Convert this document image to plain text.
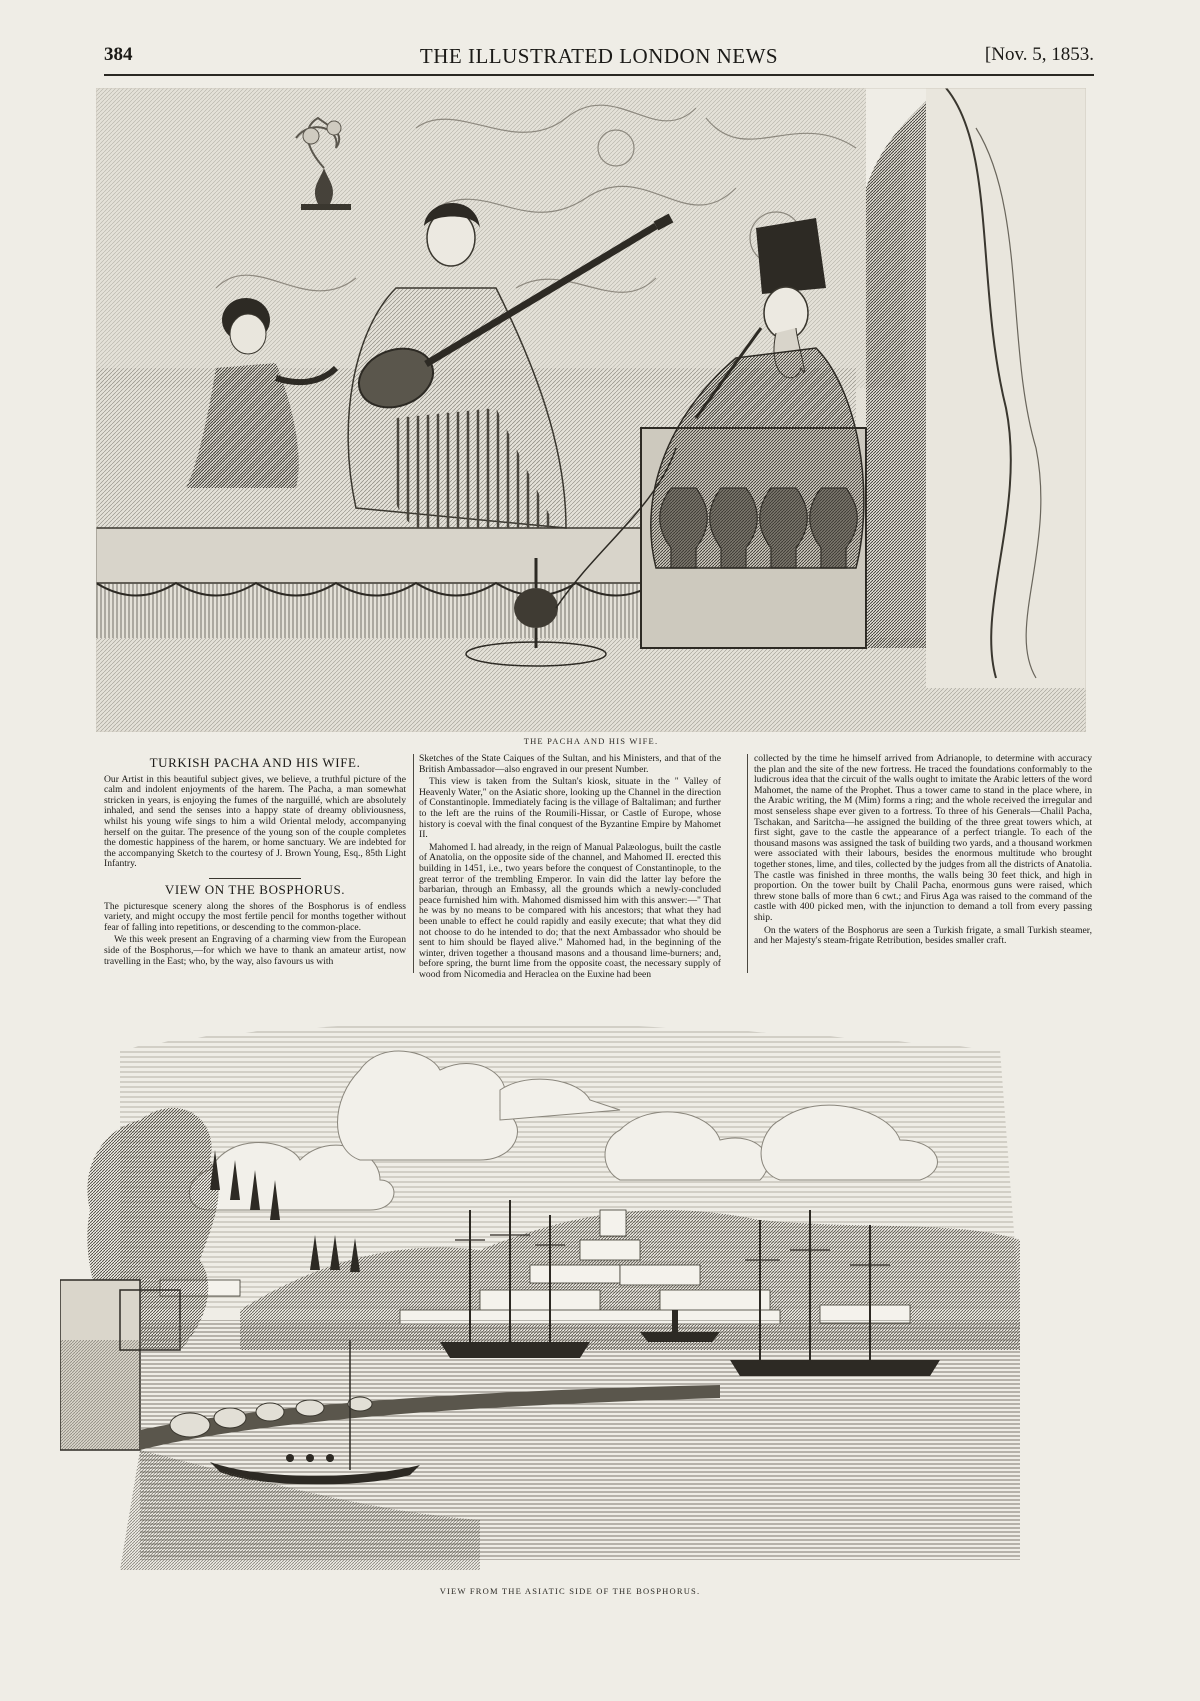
384	THE ILLUSTRATED LONDON NEWS	[Nov. 5, 1853.
THE PACHA AND HIS WIFE.
TURKISH PACHA AND HIS WIFE.

Our Artist in this beautiful subject gives, we believe, a truthful picture of the calm and indolent enjoyments of the harem. The Pacha, a man somewhat stricken in years, is enjoying the fumes of the narguillé, which are absolutely inhaled, and send the senses into a happy state of dreamy obliviousness, whilst his young wife sings to him a wild Oriental melody, accompanying herself on the guitar. The presence of the young son of the couple completes the domestic happiness of the harem, or home sanctuary. We are indebted for the accompanying Sketch to the courtesy of J. Brown Young, Esq., 85th Light Infantry.

VIEW ON THE BOSPHORUS.

The picturesque scenery along the shores of the Bosphorus is of endless variety, and might occupy the most fertile pencil for months together without fear of falling into repetitions, or descending to the common-place.

We this week present an Engraving of a charming view from the European side of the Bosphorus,—for which we have to thank an amateur artist, now travelling in the East; who, by the way, also favours us with

Sketches of the State Caiques of the Sultan, and his Ministers, and that of the British Ambassador—also engraved in our present Number.

This view is taken from the Sultan's kiosk, situate in the " Valley of Heavenly Water," on the Asiatic shore, looking up the Channel in the direction of Constantinople. Immediately facing is the village of Baltaliman; and further to the left are the ruins of the Roumili-Hissar, or Castle of Europe, whose history is coeval with the final conquest of the Byzantine Empire by Mahomet II.

Mahomed I. had already, in the reign of Manual Palæologus, built the castle of Anatolia, on the opposite side of the channel, and Mahomed II. erected this building in 1451, i.e., two years before the conquest of Constantinople, to the great terror of the trembling Emperor. In vain did the latter lay before the barbarian, through an Embassy, all the grounds which a newly-concluded peace furnished him with. Mahomed dismissed him with this answer:—" That he was by no means to be compared with his ancestors; that what they had been unable to effect he could rapidly and easily execute; that what they did not choose to do he intended to do; that the next Ambassador who should be sent to him should be flayed alive." Mahomed had, in the beginning of the winter, driven together a thousand masons and a thousand lime-burners; and, before spring, the burnt lime from the opposite coast, the necessary supply of wood from Nicomedia and Heraclea on the Euxine had been

collected by the time he himself arrived from Adrianople, to determine with accuracy the plan and the site of the new fortress. He traced the foundations conformably to the ludicrous idea that the circuit of the walls ought to imitate the Arabic letters of the word Mahomet, the name of the Prophet. Thus a tower came to stand in the place where, in the Arabic writing, the M (Mim) forms a ring; and the whole received the irregular and most senseless shape ever given to a fortress. To three of his Generals—Chalil Pacha, Tschakan, and Saritcha—he assigned the building of the three great towers which, at first sight, gave to the castle the appearance of a perfect triangle. To each of the thousand masons was assigned the task of building two yards, and a thousand workmen were associated with their labours, besides the enormous multitude who brought together stones, lime, and tiles, collected by the judges from all the districts of Anatolia. The castle was finished in three months, the walls being 30 feet thick, and high in proportion. On the tower built by Chalil Pacha, enormous guns were raised, which threw stone balls of more than 6 cwt.; and Firus Aga was raised to the command of the castle with 400 picked men, with the injunction to demand a toll from every passing ship.

On the waters of the Bosphorus are seen a Turkish frigate, a small Turkish steamer, and her Majesty's steam-frigate Retribution, besides smaller craft.

VIEW FROM THE ASIATIC SIDE OF THE BOSPHORUS.
